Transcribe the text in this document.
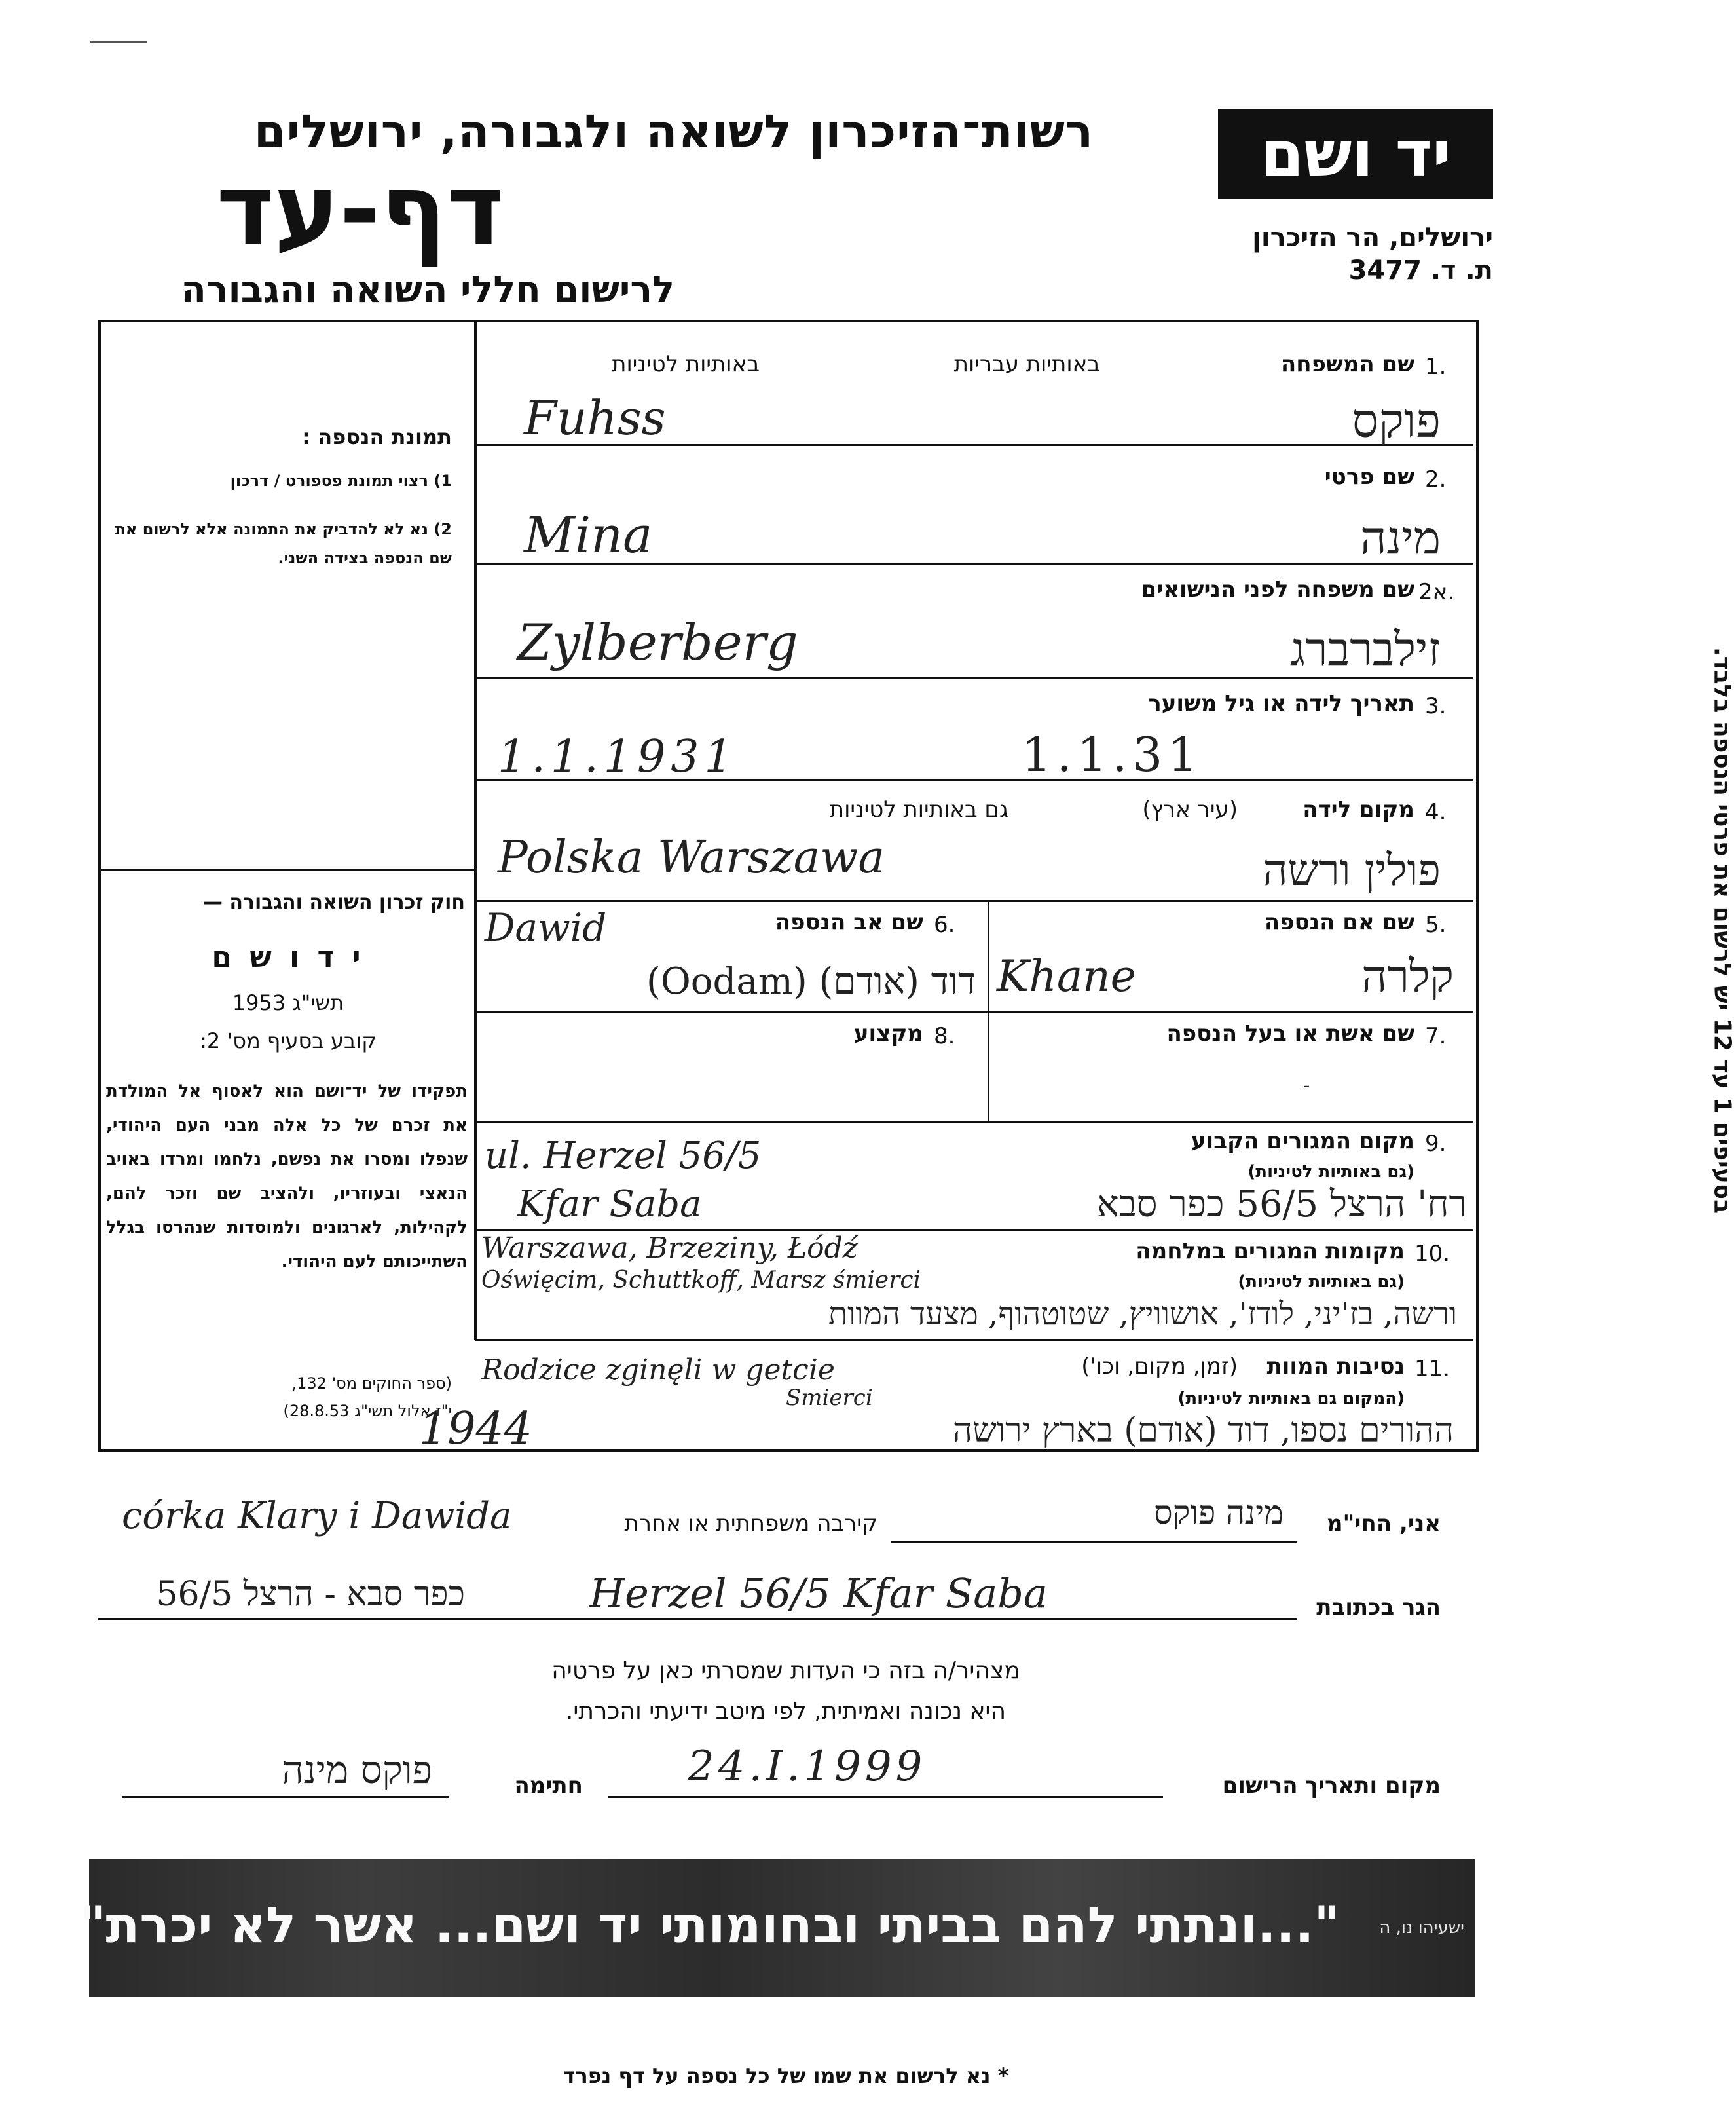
רשות־הזיכרון לשואה ולגבורה, ירושלים
דף-עד
לרישום חללי השואה והגבורה
יד ושם
ירושלים, הר הזיכרון
ת. ד. 3477
תמונת הנספה :
1) רצוי תמונת פספורט / דרכון
2) נא לא להדביק את התמונה אלא לרשום את שם הנספה בצידה השני.
חוק זכרון השואה והגבורה —
י ד ו ש ם
תשי"ג 1953
קובע בסעיף מס' 2:
תפקידו של יד־ושם הוא לאסוף אל המולדת את זכרם של כל אלה מבני העם היהודי, שנפלו ומסרו את נפשם, נלחמו ומרדו באויב הנאצי ובעוזריו, ולהציב שם וזכר להם, לקהילות, לארגונים ולמוסדות שנהרסו בגלל השתייכותם לעם היהודי.
(ספר החוקים מס' 132,
י"ז אלול תשי"ג 28.8.53)
בסעיפים 1 עד 12 יש לרשום את פרטי הנספה בלבד.
1.
שם המשפחה
באותיות עבריות
באותיות לטיניות
Fuhss	פוקס
2.
שם פרטי
Mina	מינה
2א.
שם משפחה לפני הנישואים
Zylberberg	זילברברג
3.
תאריך לידה או גיל משוער
1.1.1931	1.1.31
4.
מקום לידה
(עיר ארץ)
גם באותיות לטיניות
Polska Warszawa	פולין ורשה
5.
שם אם הנספה
Khane	קלרה
6.
שם אב הנספה
Dawid
דוד (אודם) (Oodam)
7.
שם אשת או בעל הנספה
-
8.
מקצוע
9.
מקום המגורים הקבוע
(גם באותיות לטיניות)
ul. Herzel 56/5
Kfar Saba	רח' הרצל 56/5 כפר סבא
10.
מקומות המגורים במלחמה
(גם באותיות לטיניות)
Warszawa, Brzeziny, Łódź
Oświęcim, Schuttkoff, Marsz śmierci
ורשה, בז'יני, לודז', אושוויץ, שטוטהוף, מצעד המוות
11.
נסיבות המוות
(זמן, מקום, וכו')
(המקום גם באותיות לטיניות)
Rodzice zginęli w getcie
Smierci
1944	ההורים נספו, דוד (אודם) בארץ ירושה
אני, החי"מ
מינה פוקס
קירבה משפחתית או אחרת
córka Klary i Dawida
הגר בכתובת
Herzel 56/5 Kfar Saba
כפר סבא - הרצל 56/5
מצהיר/ה בזה כי העדות שמסרתי כאן על פרטיה
היא נכונה ואמיתית, לפי מיטב ידיעתי והכרתי.
מקום ותאריך הרישום
24.I.1999
חתימה
פוקס מינה
"...ונתתי להם בביתי ובחומותי יד ושם... אשר לא יכרת"	ישעיהו נו, ה
* נא לרשום את שמו של כל נספה על דף נפרד
